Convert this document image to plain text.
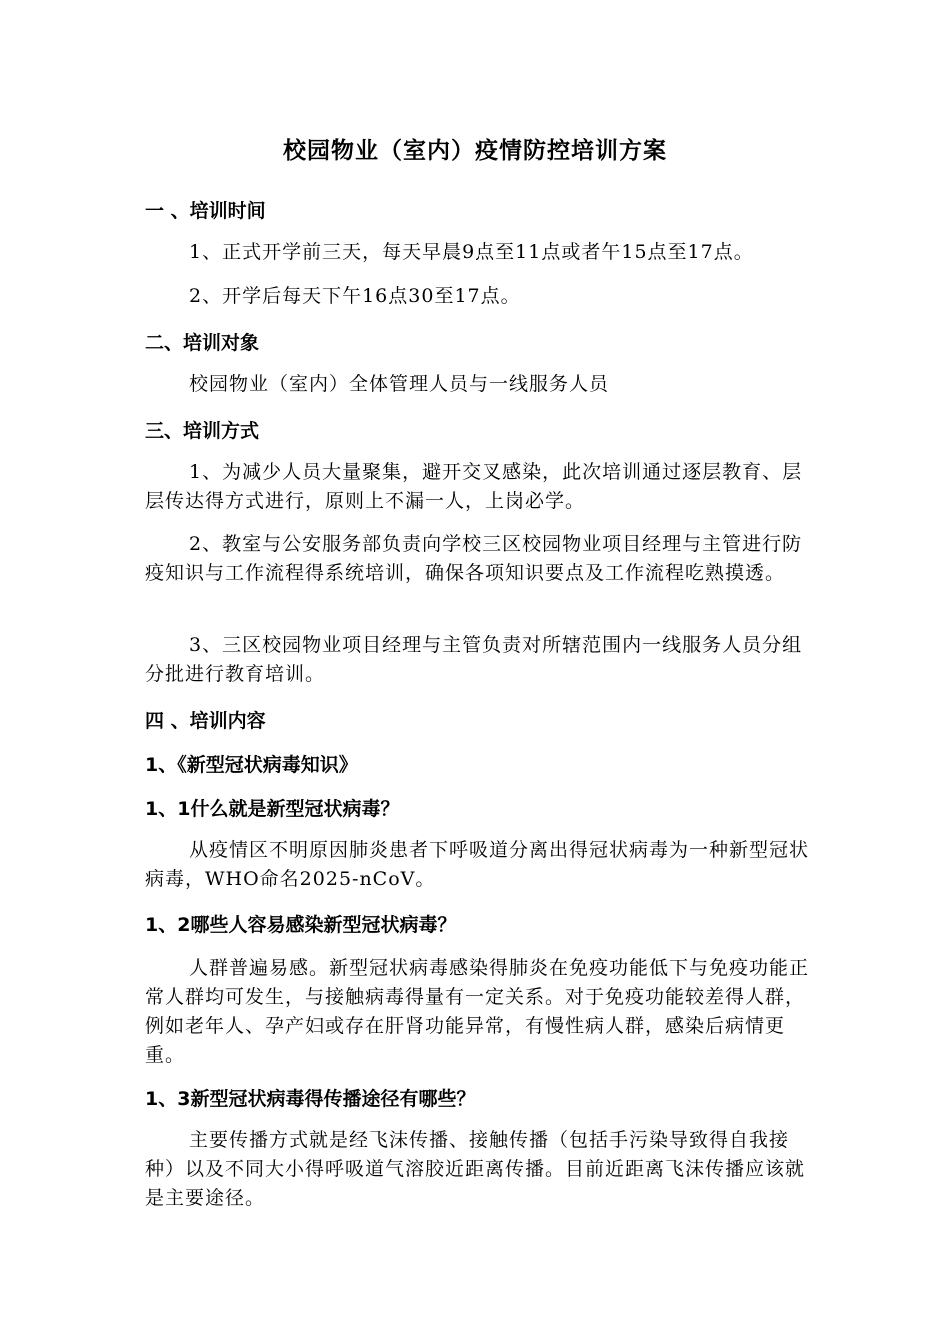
校园物业（室内）疫情防控培训方案
一 、培训时间
1、正式开学前三天，每天早晨9点至11点或者午15点至17点。
2、开学后每天下午16点30至17点。
二、培训对象
校园物业（室内）全体管理人员与一线服务人员
三、培训方式
1、为减少人员大量聚集，避开交叉感染，此次培训通过逐层教育、层层传达得方式进行，原则上不漏一人，上岗必学。
2、教室与公安服务部负责向学校三区校园物业项目经理与主管进行防疫知识与工作流程得系统培训，确保各项知识要点及工作流程吃熟摸透。
3、三区校园物业项目经理与主管负责对所辖范围内一线服务人员分组分批进行教育培训。
四 、培训内容
1、《新型冠状病毒知识》
1、1什么就是新型冠状病毒？
从疫情区不明原因肺炎患者下呼吸道分离出得冠状病毒为一种新型冠状病毒，WHO命名2025-nCoV。
1、2哪些人容易感染新型冠状病毒？
人群普遍易感。新型冠状病毒感染得肺炎在免疫功能低下与免疫功能正常人群均可发生，与接触病毒得量有一定关系。对于免疫功能较差得人群，例如老年人、孕产妇或存在肝肾功能异常，有慢性病人群，感染后病情更重。
1、3新型冠状病毒得传播途径有哪些？
主要传播方式就是经飞沫传播、接触传播（包括手污染导致得自我接种）以及不同大小得呼吸道气溶胶近距离传播。目前近距离飞沫传播应该就是主要途径。
